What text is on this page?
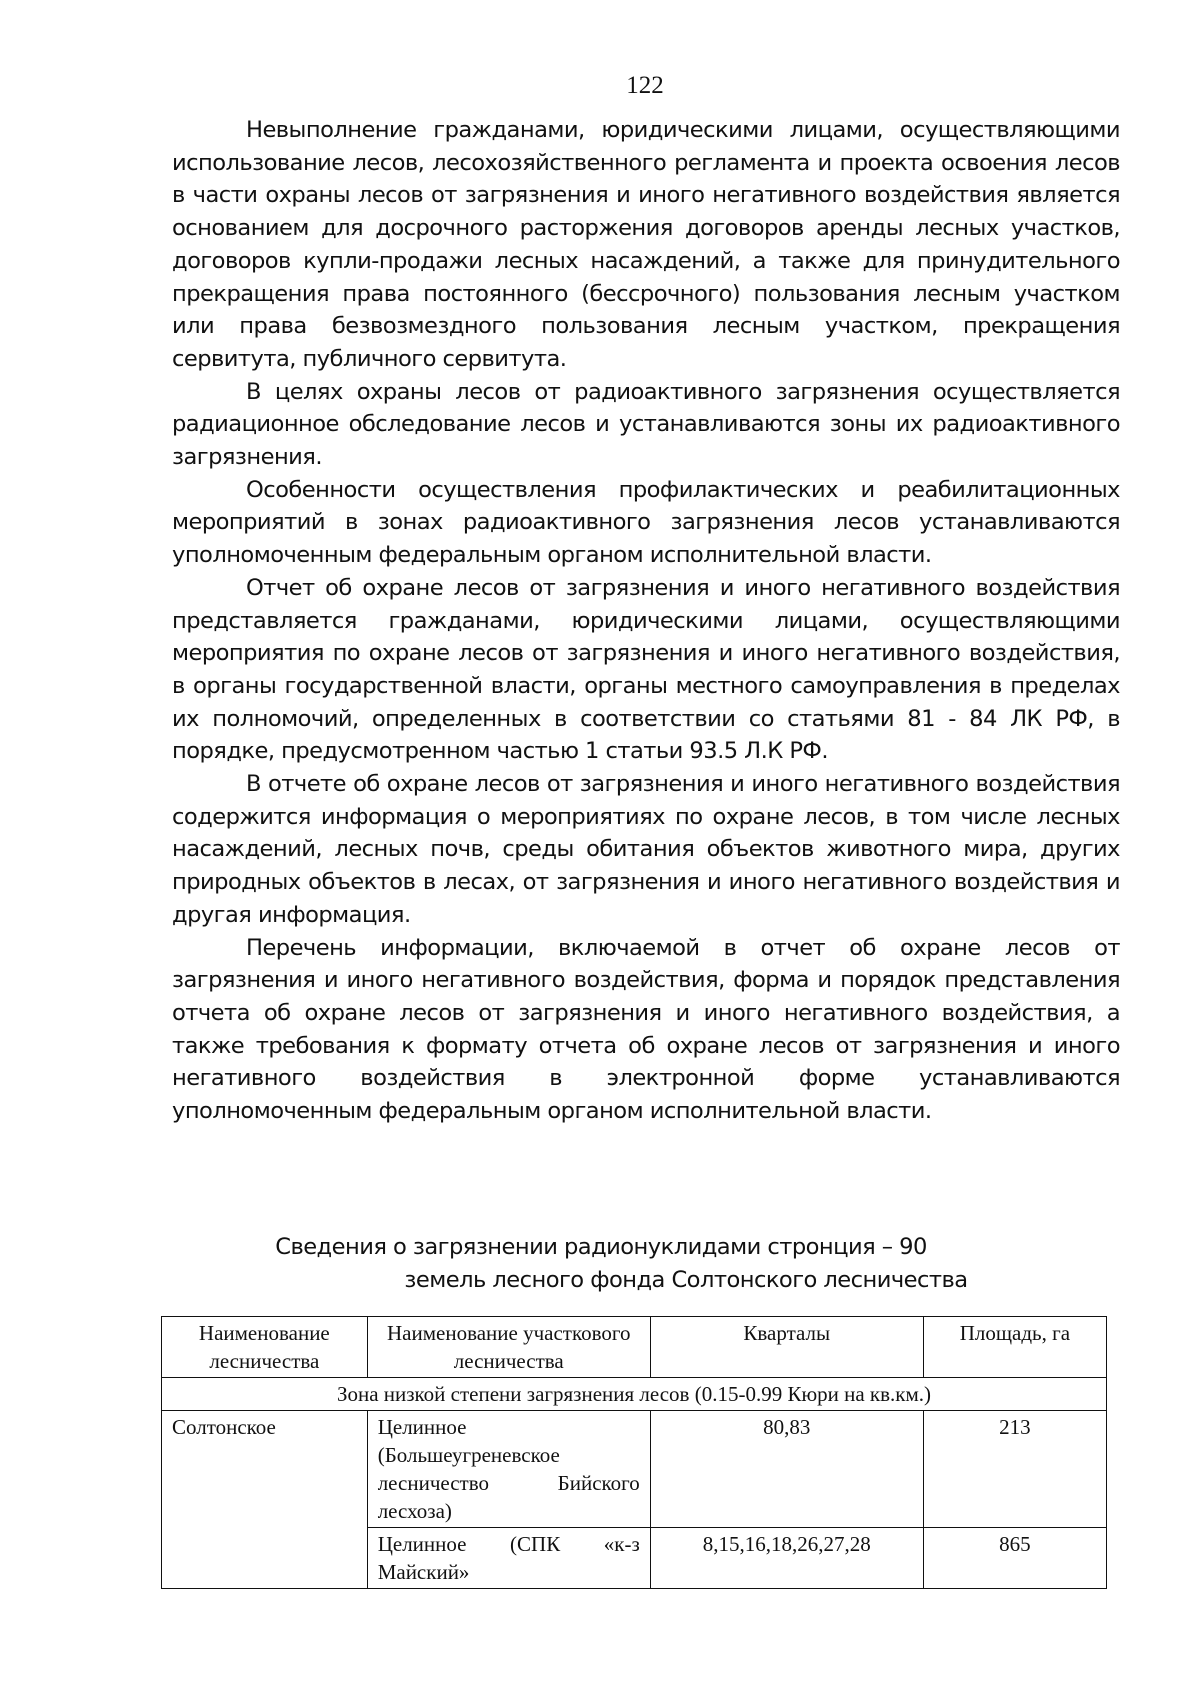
122

Невыполнение гражданами, юридическими лицами, осуществляющими использование лесов, лесохозяйственного регламента и проекта освоения лесов в части охраны лесов от загрязнения и иного негативного воздействия является основанием для досрочного расторжения договоров аренды лесных участков, договоров купли-продажи лесных насаждений, а также для принудительного прекращения права постоянного (бессрочного) пользования лесным участком или права безвозмездного пользования лесным участком, прекращения сервитута, публичного сервитута.

В целях охраны лесов от радиоактивного загрязнения осуществляется радиационное обследование лесов и устанавливаются зоны их радиоактивного загрязнения.

Особенности осуществления профилактических и реабилитационных мероприятий в зонах радиоактивного загрязнения лесов устанавливаются уполномоченным федеральным органом исполнительной власти.

Отчет об охране лесов от загрязнения и иного негативного воздействия представляется гражданами, юридическими лицами, осуществляющими мероприятия по охране лесов от загрязнения и иного негативного воздействия, в органы государственной власти, органы местного самоуправления в пределах их полномочий, определенных в соответствии со статьями 81 - 84 ЛК РФ, в порядке, предусмотренном частью 1 статьи 93.5 Л.К РФ.

В отчете об охране лесов от загрязнения и иного негативного воздействия содержится информация о мероприятиях по охране лесов, в том числе лесных насаждений, лесных почв, среды обитания объектов животного мира, других природных объектов в лесах, от загрязнения и иного негативного воздействия и другая информация.

Перечень информации, включаемой в отчет об охране лесов от загрязнения и иного негативного воздействия, форма и порядок представления отчета об охране лесов от загрязнения и иного негативного воздействия, а также требования к формату отчета об охране лесов от загрязнения и иного негативного воздействия в электронной форме устанавливаются уполномоченным федеральным органом исполнительной власти.

Сведения о загрязнении радионуклидами стронция – 90
земель лесного фонда Солтонского лесничества
Наименование лесничества	Наименование участкового лесничества	Кварталы	Площадь, га
Зона низкой степени загрязнения лесов (0.15-0.99 Кюри на кв.км.)			
Солтонское	Целинное (Большеугреневское лесничество Бийского лесхоза)	80,83	213
	Целинное (СПК «к-з Майский»	8,15,16,18,26,27,28	865
